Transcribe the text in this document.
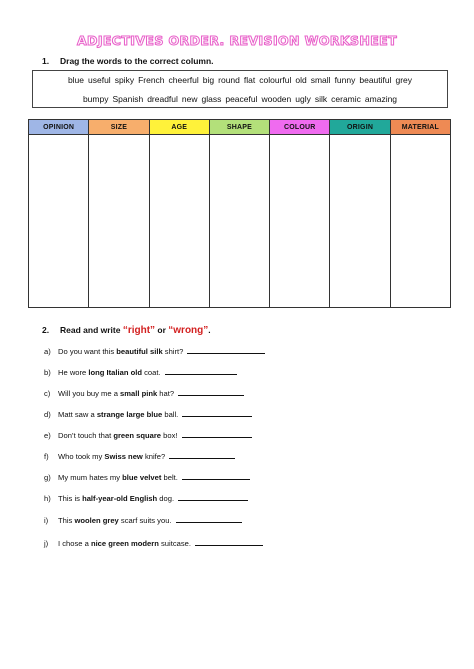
ADJECTIVES ORDER. REVISION WORKSHEET
1. Drag the words to the correct column.
blue useful spiky French cheerful big round flat colourful old small funny beautiful grey
bumpy Spanish dreadful new glass peaceful wooden ugly silk ceramic amazing
OPINION	SIZE	AGE	SHAPE	COLOUR	ORIGIN	MATERIAL

2. Read and write “right” or “wrong”.
a) Do you want this beautiful silk shirt?
b) He wore long Italian old coat.
c) Will you buy me a small pink hat?
d) Matt saw a strange large blue ball.
e) Don’t touch that green square box!
f) Who took my Swiss new knife?
g) My mum hates my blue velvet belt.
h) This is half-year-old English dog.
i) This woolen grey scarf suits you.
j) I chose a nice green modern suitcase.
